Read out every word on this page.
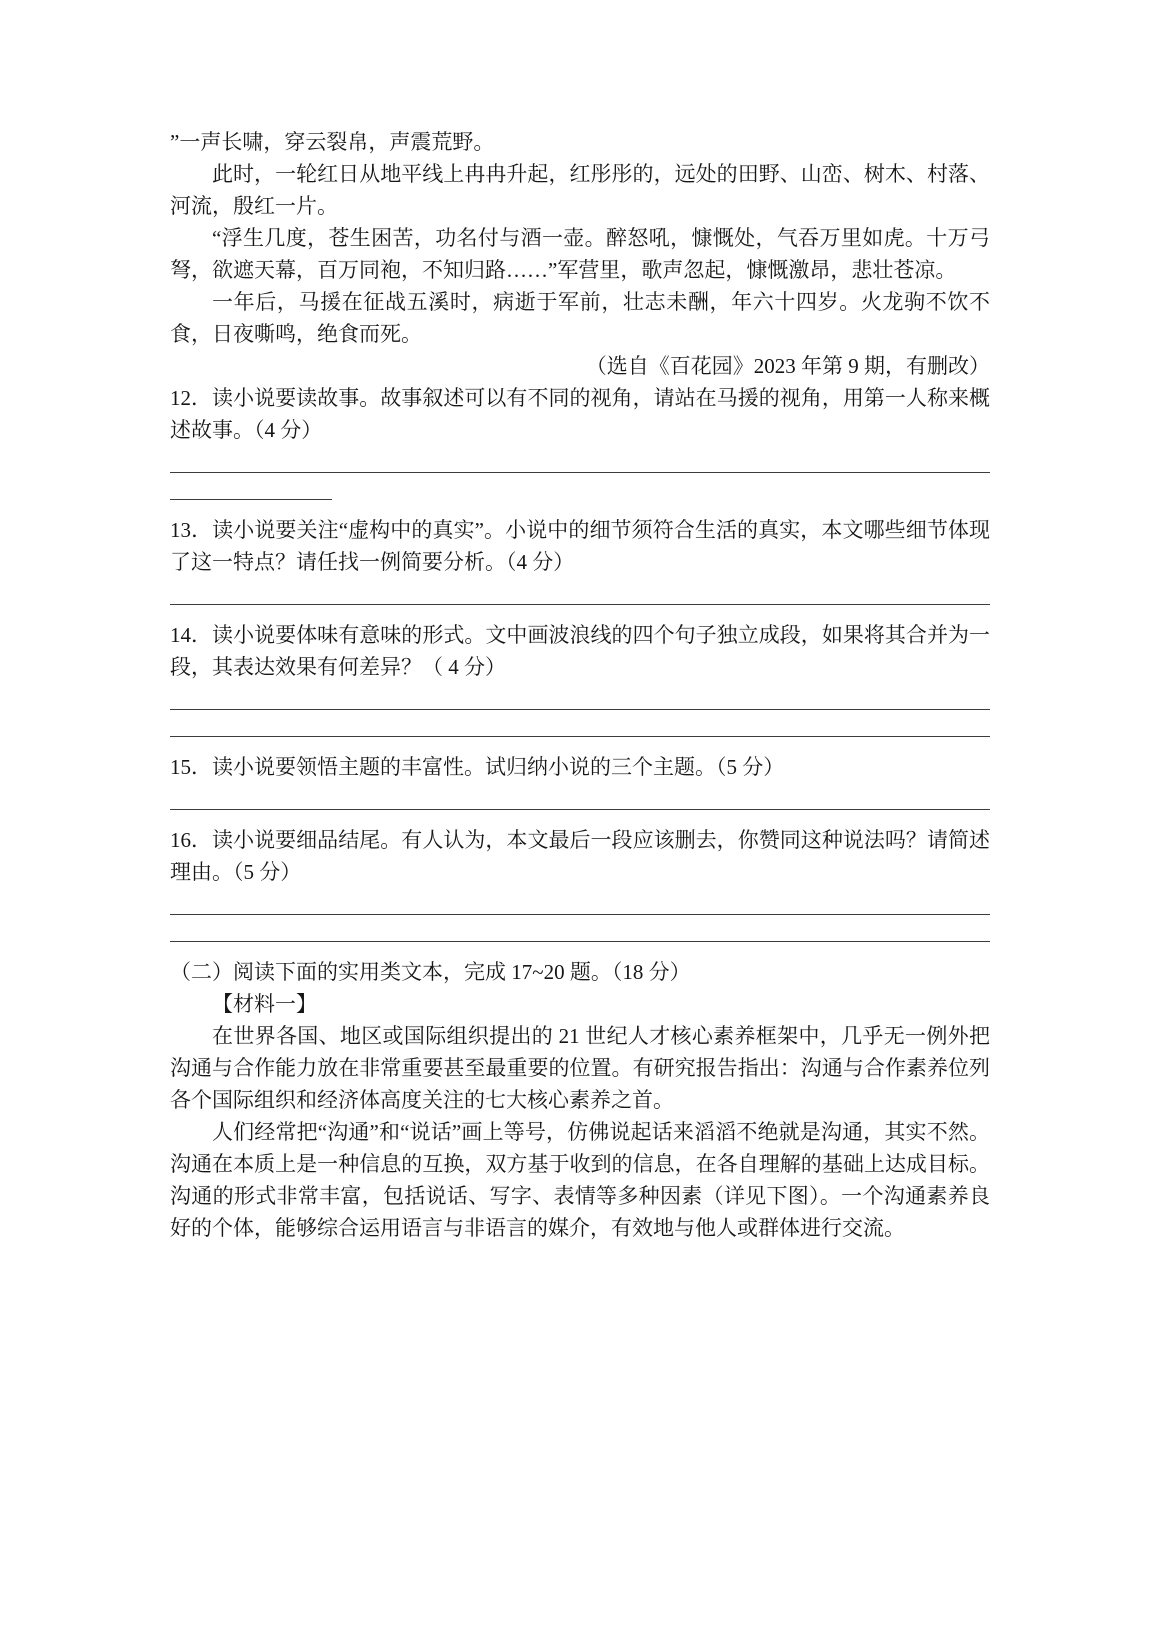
”一声长啸，穿云裂帛，声震荒野。

此时，一轮红日从地平线上冉冉升起，红彤彤的，远处的田野、山峦、树木、村落、河流，殷红一片。

“浮生几度，苍生困苦，功名付与酒一壶。醉怒吼，慷慨处，气吞万里如虎。十万弓弩，欲遮天幕，百万同袍，不知归路……”军营里，歌声忽起，慷慨激昂，悲壮苍凉。

一年后，马援在征战五溪时，病逝于军前，壮志未酬，年六十四岁。火龙驹不饮不食，日夜嘶鸣，绝食而死。

（选自《百花园》2023 年第 9 期，有删改）

12．读小说要读故事。故事叙述可以有不同的视角，请站在马援的视角，用第一人称来概述故事。（4 分）

13．读小说要关注“虚构中的真实”。小说中的细节须符合生活的真实，本文哪些细节体现了这一特点？请任找一例简要分析。（4 分）

14．读小说要体味有意味的形式。文中画波浪线的四个句子独立成段，如果将其合并为一段，其表达效果有何差异？（ 4 分）

15．读小说要领悟主题的丰富性。试归纳小说的三个主题。（5 分）

16．读小说要细品结尾。有人认为，本文最后一段应该删去，你赞同这种说法吗？请简述理由。（5 分）

（二）阅读下面的实用类文本，完成 17~20 题。（18 分）

【材料一】

在世界各国、地区或国际组织提出的 21 世纪人才核心素养框架中，几乎无一例外把沟通与合作能力放在非常重要甚至最重要的位置。有研究报告指出：沟通与合作素养位列各个国际组织和经济体高度关注的七大核心素养之首。

人们经常把“沟通”和“说话”画上等号，仿佛说起话来滔滔不绝就是沟通，其实不然。沟通在本质上是一种信息的互换，双方基于收到的信息，在各自理解的基础上达成目标。沟通的形式非常丰富，包括说话、写字、表情等多种因素（详见下图）。一个沟通素养良好的个体，能够综合运用语言与非语言的媒介，有效地与他人或群体进行交流。
